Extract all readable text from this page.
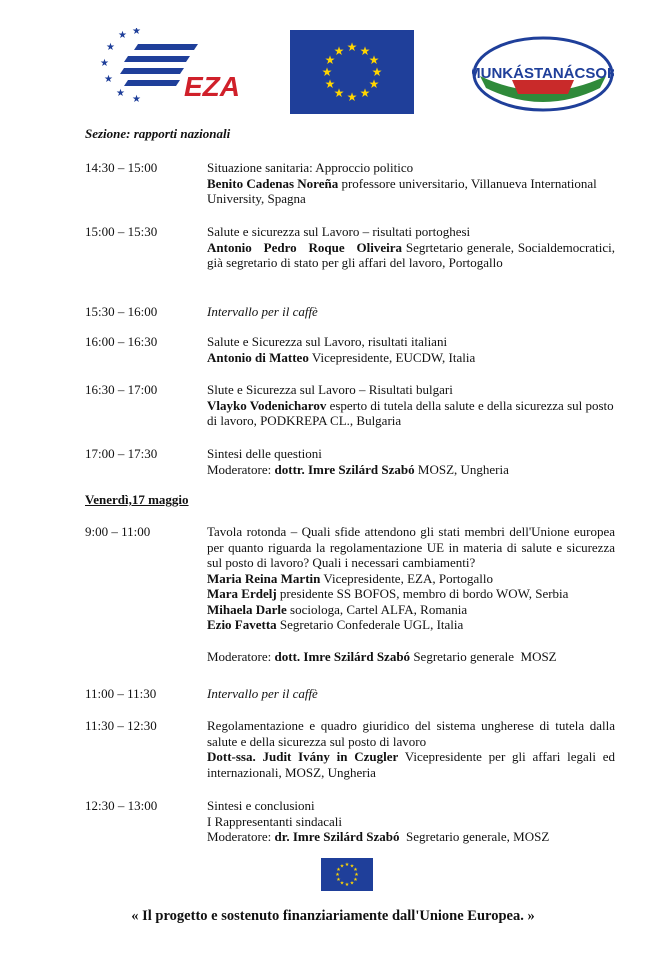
★ ★
★
★
★
★
★ EZA
★ ★
★
★
★
★
★
★
★
★
★
★
MUNKÁSTANÁCSOK
Sezione: rapporti nazionali
14:30 – 15:00	Situazione sanitaria: Approccio politico
Benito Cadenas Noreña professore universitario, Villanueva International University, Spagna
15:00 – 15:30	Salute e sicurezza sul Lavoro – risultati portoghesi
Antonio Pedro Roque Oliveira Segrtetario generale, Socialdemocratici, già segretario di stato per gli affari del lavoro, Portogallo
15:30 – 16:00	Intervallo per il caffè
16:00 – 16:30	Salute e Sicurezza sul Lavoro, risultati italiani
Antonio di Matteo Vicepresidente, EUCDW, Italia
16:30 – 17:00	Slute e Sicurezza sul Lavoro – Risultati bulgari
Vlayko Vodenicharov esperto di tutela della salute e della sicurezza sul posto di lavoro, PODKREPA CL., Bulgaria
17:00 – 17:30	Sintesi delle questioni
Moderatore: dottr. Imre Szilárd Szabó MOSZ, Ungheria
Venerdì,17 maggio
9:00 – 11:00	Tavola rotonda – Quali sfide attendono gli stati membri dell'Unione europea per quanto riguarda la regolamentazione UE in materia di salute e sicurezza sul posto di lavoro? Quali i necessari cambiamenti?
Maria Reina Martin Vicepresidente, EZA, Portogallo
Mara Erdelj presidente SS BOFOS, membro di bordo WOW, Serbia
Mihaela Darle sociologa, Cartel ALFA, Romania
Ezio Favetta Segretario Confederale UGL, Italia
Moderatore: dott. Imre Szilárd Szabó Segretario generale  MOSZ
11:00 – 11:30	Intervallo per il caffè
11:30 – 12:30	Regolamentazione e quadro giuridico del sistema ungherese di tutela dalla salute e della sicurezza sul posto di lavoro
Dott-ssa. Judit Ivány in Czugler Vicepresidente per gli affari legali ed internazionali, MOSZ, Ungheria
12:30 – 13:00	Sintesi e conclusioni
I Rappresentanti sindacali
Moderatore: dr. Imre Szilárd Szabó  Segretario generale, MOSZ
★ ★
★
★
★
★
★
★
★
★
★
★
« Il progetto e sostenuto finanziariamente dall'Unione Europea. »
